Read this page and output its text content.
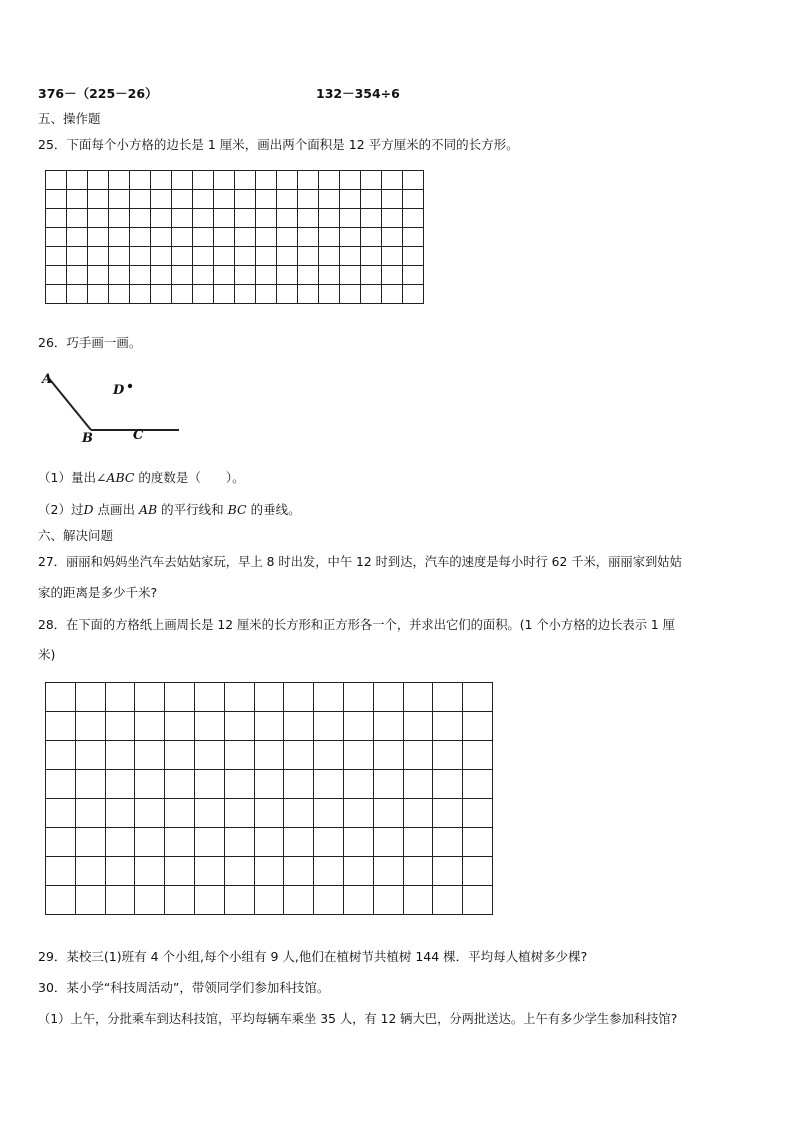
376－（225－26）	132－354÷6
五、操作题
25．下面每个小方格的边长是 1 厘米，画出两个面积是 12 平方厘米的不同的长方形。

26．巧手画一画。
A
B	C
D
（1）量出∠ABC 的度数是（　　）。
（2）过D 点画出 AB 的平行线和 BC 的垂线。
六、解决问题
27．丽丽和妈妈坐汽车去姑姑家玩，早上 8 时出发，中午 12 时到达，汽车的速度是每小时行 62 千米，丽丽家到姑姑
家的距离是多少千米?
28．在下面的方格纸上画周长是 12 厘米的长方形和正方形各一个，并求出它们的面积。(1 个小方格的边长表示 1 厘
米)

29．某校三(1)班有 4 个小组,每个小组有 9 人,他们在植树节共植树 144 棵．平均每人植树多少棵?
30．某小学“科技周活动”，带领同学们参加科技馆。
（1）上午，分批乘车到达科技馆，平均每辆车乘坐 35 人，有 12 辆大巴，分两批送达。上午有多少学生参加科技馆?
